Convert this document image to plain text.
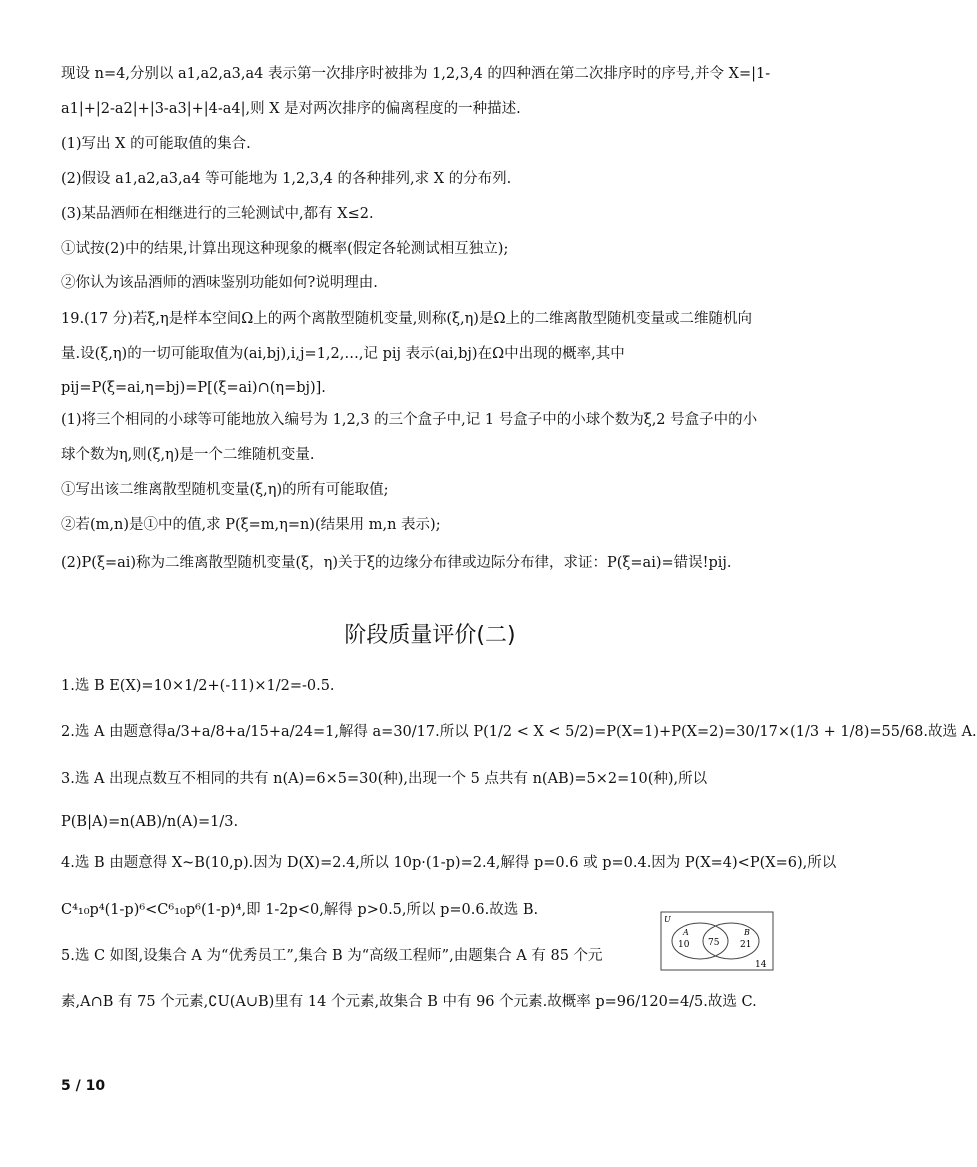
现设 n=4,分别以 a1,a2,a3,a4 表示第一次排序时被排为 1,2,3,4 的四种酒在第二次排序时的序号,并令 X=|1-
a1|+|2-a2|+|3-a3|+|4-a4|,则 X 是对两次排序的偏离程度的一种描述.
(1)写出 X 的可能取值的集合.
(2)假设 a1,a2,a3,a4 等可能地为 1,2,3,4 的各种排列,求 X 的分布列.
(3)某品酒师在相继进行的三轮测试中,都有 X≤2.
①试按(2)中的结果,计算出现这种现象的概率(假定各轮测试相互独立);
②你认为该品酒师的酒味鉴别功能如何?说明理由.
19.(17 分)若ξ,η是样本空间Ω上的两个离散型随机变量,则称(ξ,η)是Ω上的二维离散型随机变量或二维随机向
量.设(ξ,η)的一切可能取值为(ai,bj),i,j=1,2,…,记 pij 表示(ai,bj)在Ω中出现的概率,其中
pij=P(ξ=ai,η=bj)=P[(ξ=ai)∩(η=bj)].
(1)将三个相同的小球等可能地放入编号为 1,2,3 的三个盒子中,记 1 号盒子中的小球个数为ξ,2 号盒子中的小
球个数为η,则(ξ,η)是一个二维随机变量.
①写出该二维离散型随机变量(ξ,η)的所有可能取值;
②若(m,n)是①中的值,求 P(ξ=m,η=n)(结果用 m,n 表示);
(2)P(ξ=ai)称为二维离散型随机变量(ξ，η)关于ξ的边缘分布律或边际分布律，求证：P(ξ=ai)=错误!pij.
阶段质量评价(二)
1.选 B E(X)=10×1/2+(-11)×1/2=-0.5.
2.选 A 由题意得a/3+a/8+a/15+a/24=1,解得 a=30/17.所以 P(1/2 < X < 5/2)=P(X=1)+P(X=2)=30/17×(1/3 + 1/8)=55/68.故选 A.
3.选 A 出现点数互不相同的共有 n(A)=6×5=30(种),出现一个 5 点共有 n(AB)=5×2=10(种),所以
P(B|A)=n(AB)/n(A)=1/3.
4.选 B 由题意得 X~B(10,p).因为 D(X)=2.4,所以 10p·(1-p)=2.4,解得 p=0.6 或 p=0.4.因为 P(X=4)<P(X=6),所以
C⁴₁₀p⁴(1-p)⁶<C⁶₁₀p⁶(1-p)⁴,即 1-2p<0,解得 p>0.5,所以 p=0.6.故选 B.
5.选 C 如图,设集合 A 为“优秀员工”,集合 B 为“高级工程师”,由题集合 A 有 85 个元
素,A∩B 有 75 个元素,∁U(A∪B)里有 14 个元素,故集合 B 中有 96 个元素.故概率 p=96/120=4/5.故选 C.
U
A	B
10 75 21
14
5 / 10
